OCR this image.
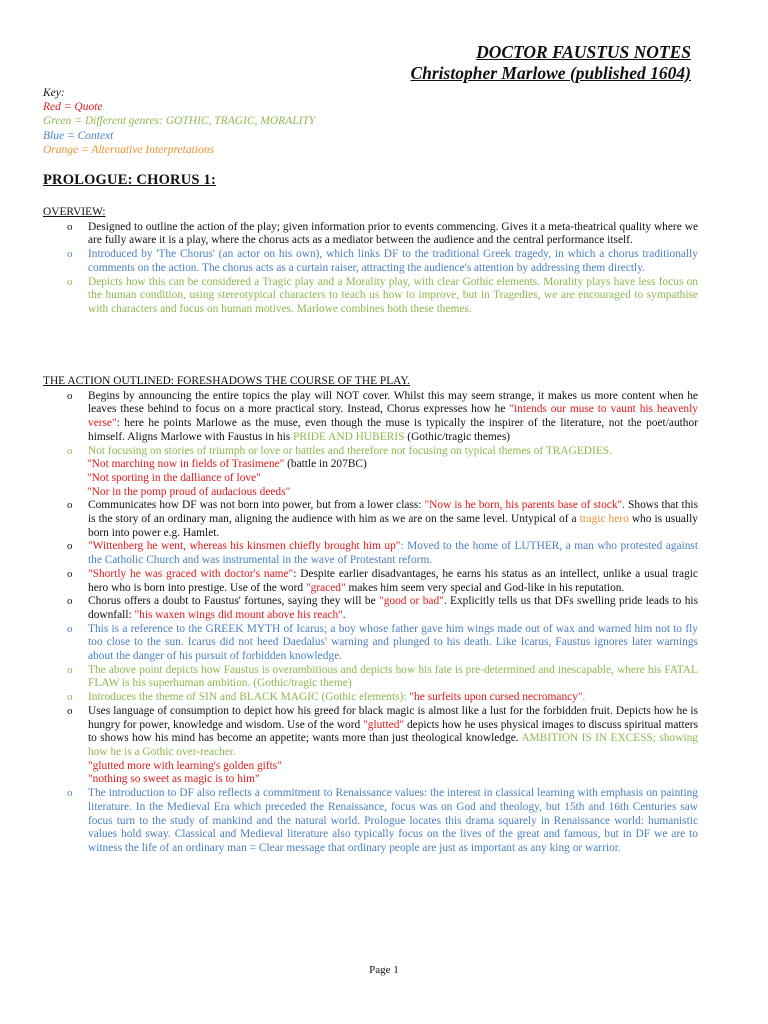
DOCTOR FAUSTUS NOTES
Christopher Marlowe (published 1604)
Key:
Red = Quote
Green = Different genres: GOTHIC, TRAGIC, MORALITY
Blue = Context
Orange = Alternative Interpretations
PROLOGUE: CHORUS 1:
OVERVIEW:
o Designed to outline the action of the play; given information prior to events commencing. Gives it a meta-theatrical quality where we are fully aware it is a play, where the chorus acts as a mediator between the audience and the central performance itself.
o Introduced by 'The Chorus' (an actor on his own), which links DF to the traditional Greek tragedy, in which a chorus traditionally comments on the action. The chorus acts as a curtain raiser, attracting the audience's attention by addressing them directly.
o Depicts how this can be considered a Tragic play and a Morality play, with clear Gothic elements. Morality plays have less focus on the human condition, using stereotypical characters to teach us how to improve, but in Tragedies, we are encouraged to sympathise with characters and focus on human motives. Marlowe combines both these themes.
THE ACTION OUTLINED: FORESHADOWS THE COURSE OF THE PLAY.
o Begins by announcing the entire topics the play will NOT cover. Whilst this may seem strange, it makes us more content when he leaves these behind to focus on a more practical story. Instead, Chorus expresses how he "intends our muse to vaunt his heavenly verse": here he points Marlowe as the muse, even though the muse is typically the inspirer of the literature, not the poet/author himself. Aligns Marlowe with Faustus in his PRIDE AND HUBERIS (Gothic/tragic themes)
o Not focusing on stories of triumph or love or battles and therefore not focusing on typical themes of TRAGEDIES.
"Not marching now in fields of Trasimene" (battle in 207BC)
"Not sporting in the dalliance of love"
"Nor in the pomp proud of audacious deeds"
o Communicates how DF was not born into power, but from a lower class: "Now is he born, his parents base of stock". Shows that this is the story of an ordinary man, aligning the audience with him as we are on the same level. Untypical of a tragic hero who is usually born into power e.g. Hamlet.
o "Wittenberg he went, whereas his kinsmen chiefly brought him up": Moved to the home of LUTHER, a man who protested against the Catholic Church and was instrumental in the wave of Protestant reform.
o "Shortly he was graced with doctor's name": Despite earlier disadvantages, he earns his status as an intellect, unlike a usual tragic hero who is born into prestige. Use of the word "graced" makes him seem very special and God-like in his reputation.
o Chorus offers a doubt to Faustus' fortunes, saying they will be "good or bad". Explicitly tells us that DFs swelling pride leads to his downfall: "his waxen wings did mount above his reach".
o This is a reference to the GREEK MYTH of Icarus; a boy whose father gave him wings made out of wax and warned him not to fly too close to the sun. Icarus did not heed Daedalus' warning and plunged to his death. Like Icarus, Faustus ignores later warnings about the danger of his pursuit of forbidden knowledge.
o The above point depicts how Faustus is overambitious and depicts how his fate is pre-determined and inescapable, where his FATAL FLAW is his superhuman ambition. (Gothic/tragic theme)
o Introduces the theme of SIN and BLACK MAGIC (Gothic elements): "he surfeits upon cursed necromancy".
o Uses language of consumption to depict how his greed for black magic is almost like a lust for the forbidden fruit. Depicts how he is hungry for power, knowledge and wisdom. Use of the word "glutted" depicts how he uses physical images to discuss spiritual matters to shows how his mind has become an appetite; wants more than just theological knowledge. AMBITION IS IN EXCESS; showing how he is a Gothic over-reacher.
"glutted more with learning's golden gifts"
"nothing so sweet as magic is to him"
o The introduction to DF also reflects a commitment to Renaissance values: the interest in classical learning with emphasis on painting literature. In the Medieval Era which preceded the Renaissance, focus was on God and theology, but 15th and 16th Centuries saw focus turn to the study of mankind and the natural world. Prologue locates this drama squarely in Renaissance world: humanistic values hold sway. Classical and Medieval literature also typically focus on the lives of the great and famous, but in DF we are to witness the life of an ordinary man = Clear message that ordinary people are just as important as any king or warrior.
Page 1
